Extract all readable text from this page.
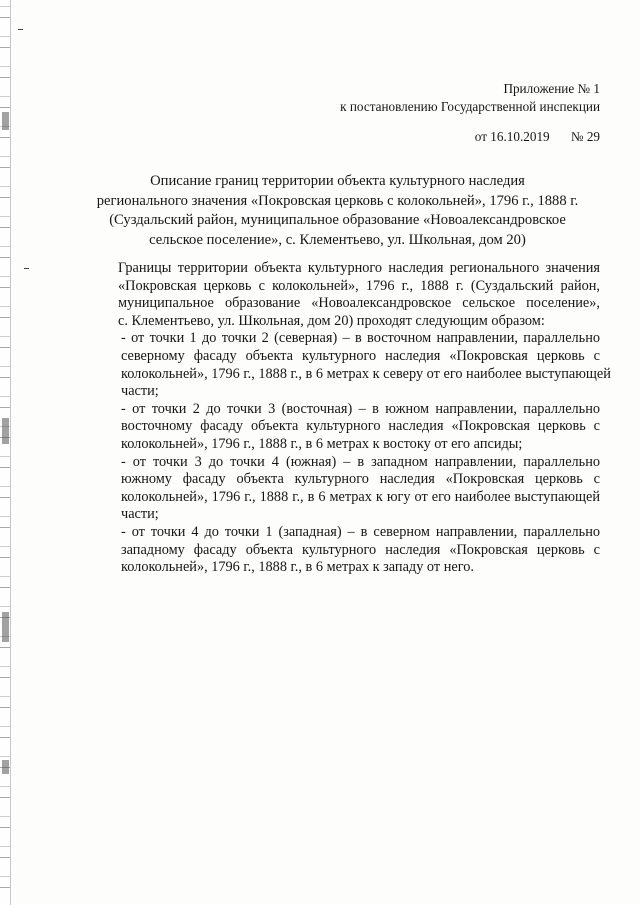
Приложение № 1
к постановлению Государственной инспекции
от 16.10.2019 № 29
Описание границ территории объекта культурного наследия
регионального значения «Покровская церковь с колокольней», 1796 г., 1888 г.
(Суздальский район, муниципальное образование «Новоалександровское
сельское поселение», с. Клементьево, ул. Школьная, дом 20)

Границы территории объекта культурного наследия регионального значения
«Покровская церковь с колокольней», 1796 г., 1888 г. (Суздальский район,
муниципальное образование «Новоалександровское сельское поселение»,
с. Клементьево, ул. Школьная, дом 20) проходят следующим образом:

- от точки 1 до точки 2 (северная) – в восточном направлении, параллельно
северному фасаду объекта культурного наследия «Покровская церковь с
колокольней», 1796 г., 1888 г., в 6 метрах к северу от его наиболее выступающей
части;

- от точки 2 до точки 3 (восточная) – в южном направлении, параллельно
восточному фасаду объекта культурного наследия «Покровская церковь с
колокольней», 1796 г., 1888 г., в 6 метрах к востоку от его апсиды;

- от точки 3 до точки 4 (южная) – в западном направлении, параллельно
южному фасаду объекта культурного наследия «Покровская церковь с
колокольней», 1796 г., 1888 г., в 6 метрах к югу от его наиболее выступающей
части;

- от точки 4 до точки 1 (западная) – в северном направлении, параллельно
западному фасаду объекта культурного наследия «Покровская церковь с
колокольней», 1796 г., 1888 г., в 6 метрах к западу от него.
